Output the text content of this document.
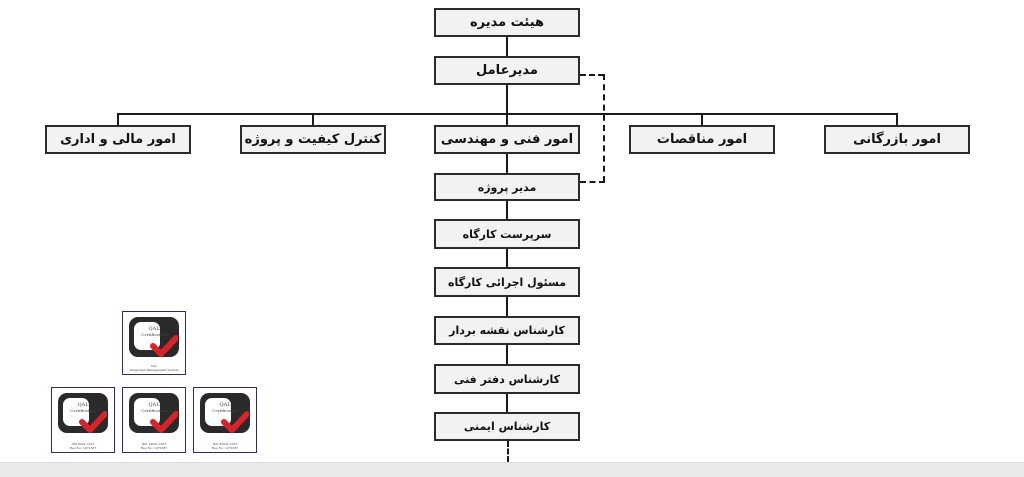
هیئت مدیره
مدیرعامل
امور بازرگانی
امور مناقصات
امور فنی و مهندسی
کنترل کیفیت و پروژه
امور مالی و اداری
مدیر پروژه
سرپرست کارگاه
مسئول اجرائی کارگاه
کارشناس نقشه بردار
کارشناس دفتر فنی
کارشناس ایمنی
QAL
Certification
ISO
Integrated Management System
QAL
Certification
ISO 9001:2015
Reg No: 1072387
QAL
Certification
ISO 14001:2015
Reg No: 1072387
QAL
Certification
ISO 45001:2018
Reg No: 1072387
